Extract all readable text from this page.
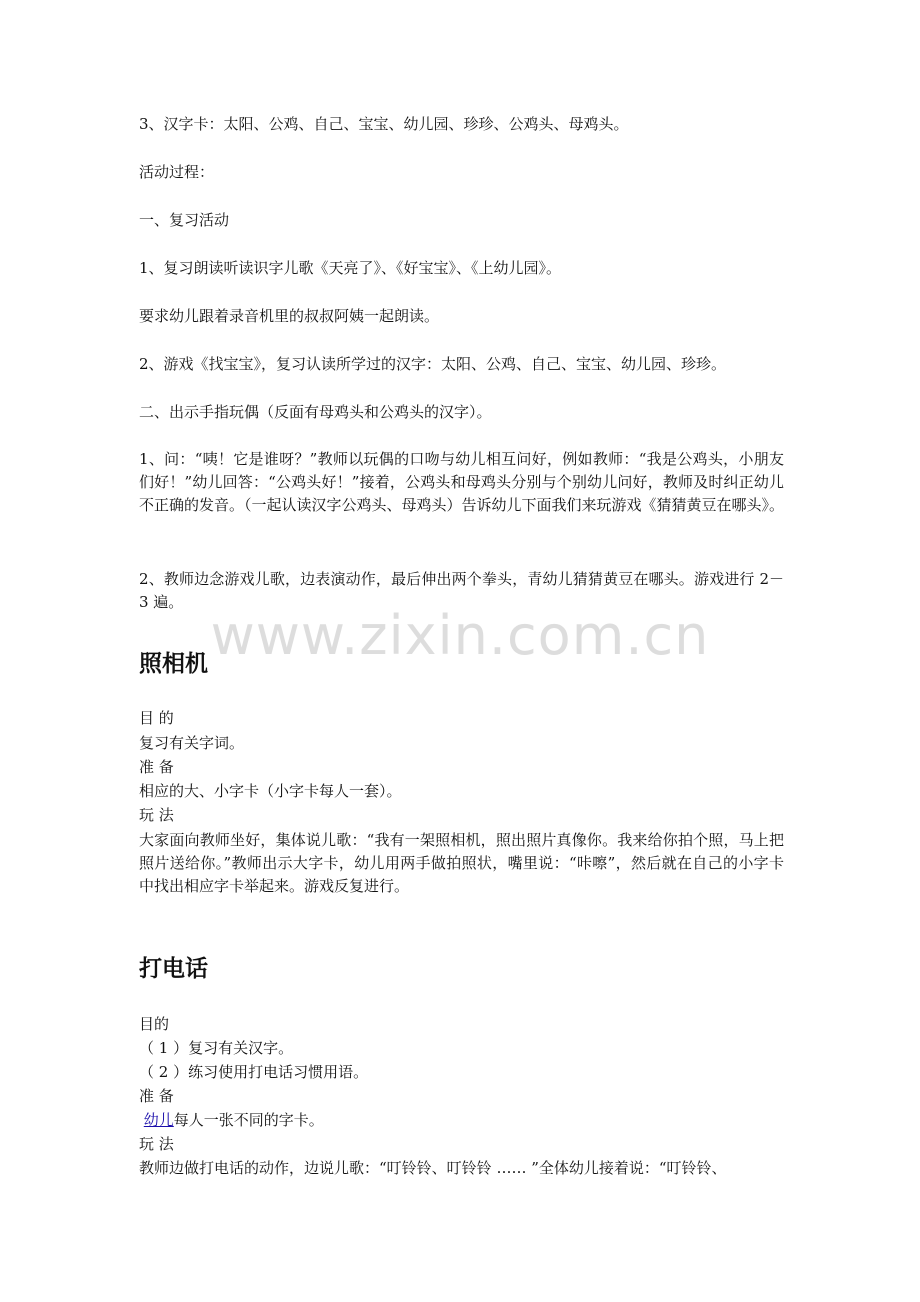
3、汉字卡：太阳、公鸡、自己、宝宝、幼儿园、珍珍、公鸡头、母鸡头。
活动过程：
一、复习活动
1、复习朗读听读识字儿歌《天亮了》、《好宝宝》、《上幼儿园》。
要求幼儿跟着录音机里的叔叔阿姨一起朗读。
2、游戏《找宝宝》，复习认读所学过的汉字：太阳、公鸡、自己、宝宝、幼儿园、珍珍。
二、出示手指玩偶（反面有母鸡头和公鸡头的汉字）。
1、问：“咦！它是谁呀？”教师以玩偶的口吻与幼儿相互问好，例如教师：“我是公鸡头，小朋友们好！”幼儿回答：“公鸡头好！”接着，公鸡头和母鸡头分别与个别幼儿问好，教师及时纠正幼儿不正确的发音。（一起认读汉字公鸡头、母鸡头）告诉幼儿下面我们来玩游戏《猜猜黄豆在哪头》。
2、教师边念游戏儿歌，边表演动作，最后伸出两个拳头，青幼儿猜猜黄豆在哪头。游戏进行 2－3 遍。
www.zixin.com.cn
照相机
目 的
复习有关字词。
准 备
相应的大、小字卡（小字卡每人一套）。
玩 法
大家面向教师坐好，集体说儿歌：“我有一架照相机，照出照片真像你。我来给你拍个照，马上把照片送给你。”教师出示大字卡，幼儿用两手做拍照状，嘴里说：“咔嚓”，然后就在自己的小字卡中找出相应字卡举起来。游戏反复进行。
打电话
目的
（ 1 ）复习有关汉字。
（ 2 ）练习使用打电话习惯用语。
准 备
幼儿每人一张不同的字卡。
玩 法
教师边做打电话的动作，边说儿歌：“叮铃铃、叮铃铃 …… ”全体幼儿接着说：“叮铃铃、
